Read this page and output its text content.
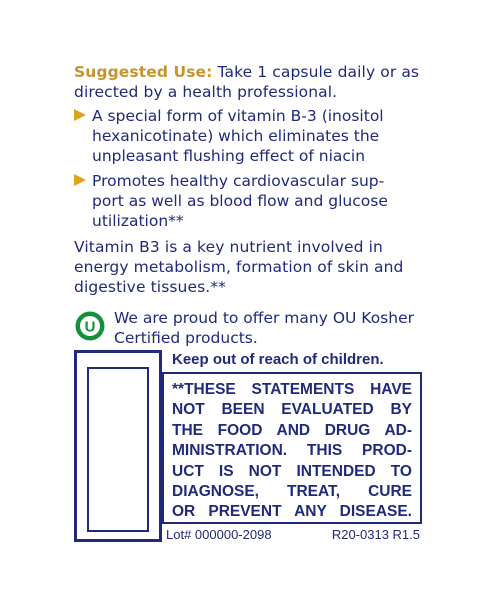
Suggested Use: Take 1 capsule daily or as
directed by a health professional.
A special form of vitamin B-3 (inositol
hexanicotinate) which eliminates the
unpleasant flushing effect of niacin
Promotes healthy cardiovascular sup-
port as well as blood flow and glucose
utilization**
Vitamin B3 is a key nutrient involved in
energy metabolism, formation of skin and
digestive tissues.**
U We are proud to offer many OU Kosher
Certified products.
Keep out of reach of children.
**THESE STATEMENTS HAVE
NOT BEEN EVALUATED BY
THE FOOD AND DRUG AD-
MINISTRATION. THIS PROD-
UCT IS NOT INTENDED TO
DIAGNOSE, TREAT, CURE
OR PREVENT ANY DISEASE.
Lot# 000000-2098	R20-0313 R1.5
